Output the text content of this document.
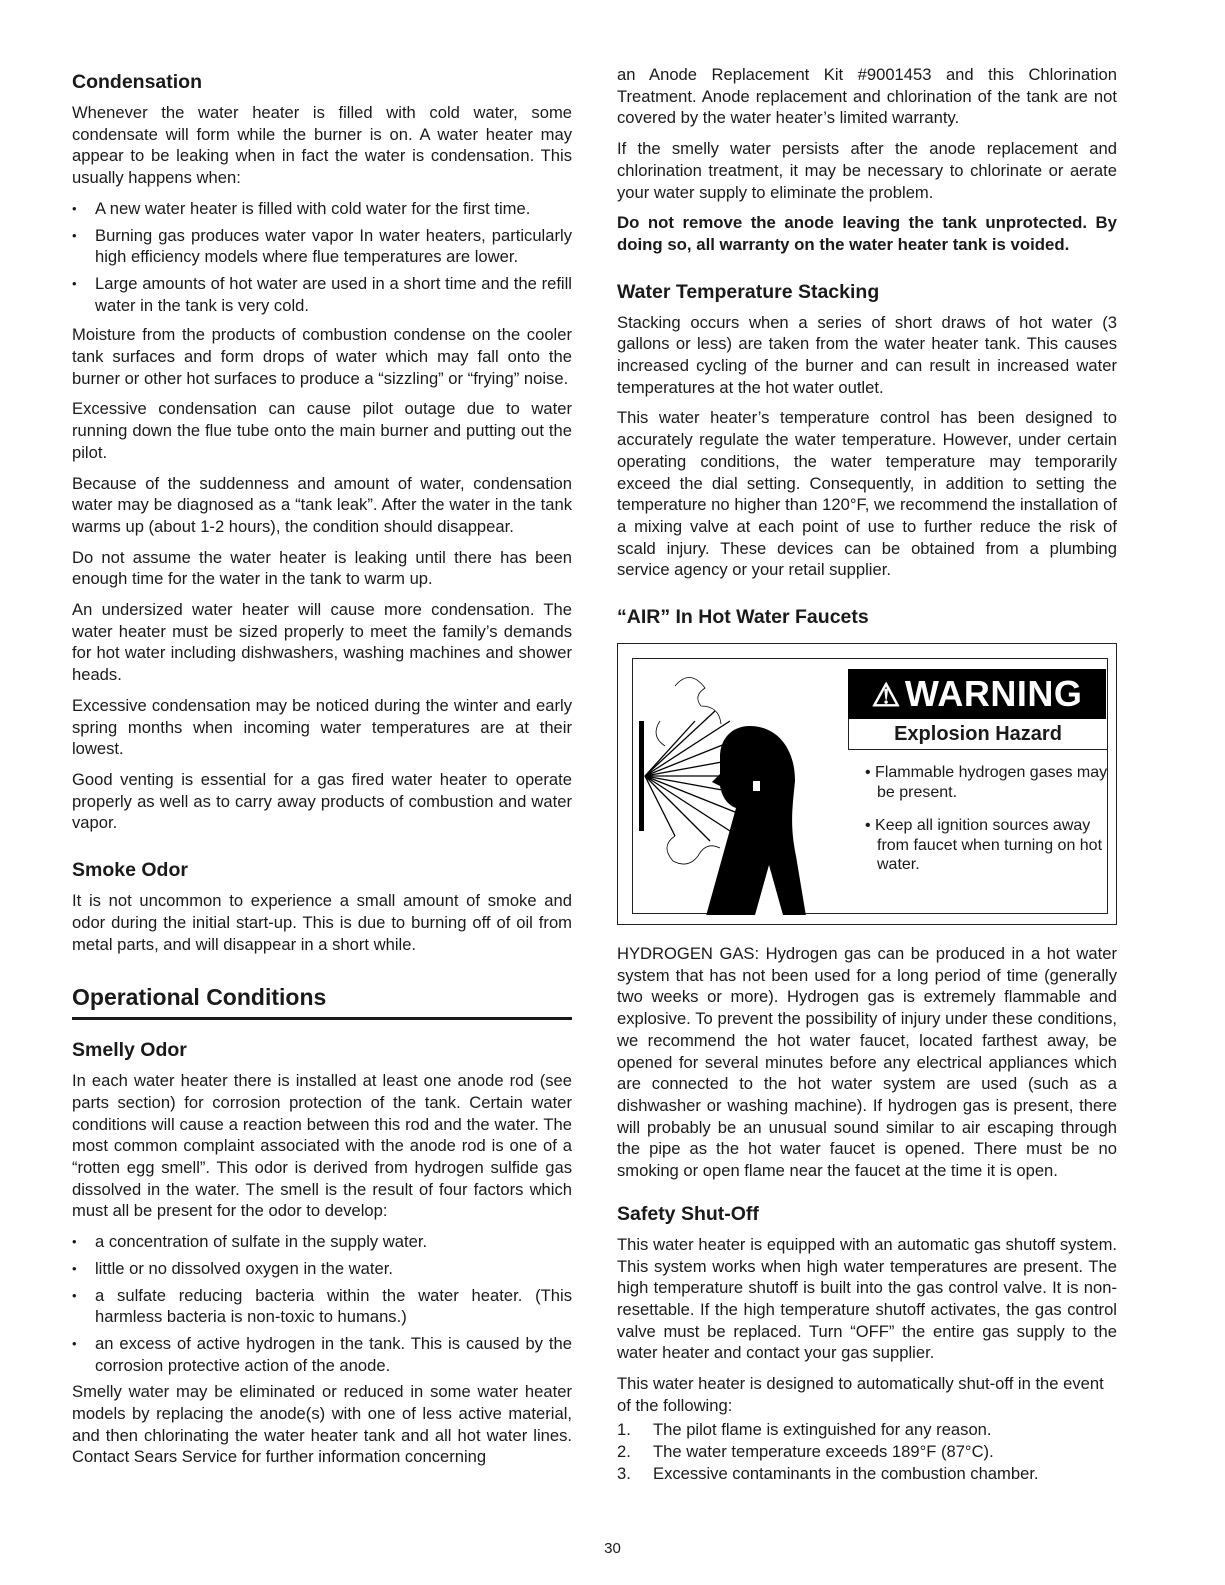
Condensation
Whenever the water heater is filled with cold water, some condensate will form while the burner is on. A water heater may appear to be leaking when in fact the water is condensation. This usually happens when:
• A new water heater is filled with cold water for the first time.
• Burning gas produces water vapor In water heaters, particularly high efficiency models where flue temperatures are lower.
• Large amounts of hot water are used in a short time and the refill water in the tank is very cold.
Moisture from the products of combustion condense on the cooler tank surfaces and form drops of water which may fall onto the burner or other hot surfaces to produce a “sizzling” or “frying” noise.
Excessive condensation can cause pilot outage due to water running down the flue tube onto the main burner and putting out the pilot.
Because of the suddenness and amount of water, condensation water may be diagnosed as a “tank leak”. After the water in the tank warms up (about 1-2 hours), the condition should disappear.
Do not assume the water heater is leaking until there has been enough time for the water in the tank to warm up.
An undersized water heater will cause more condensation. The water heater must be sized properly to meet the family’s demands for hot water including dishwashers, washing machines and shower heads.
Excessive condensation may be noticed during the winter and early spring months when incoming water temperatures are at their lowest.
Good venting is essential for a gas fired water heater to operate properly as well as to carry away products of combustion and water vapor.
Smoke Odor
It is not uncommon to experience a small amount of smoke and odor during the initial start-up. This is due to burning off of oil from metal parts, and will disappear in a short while.
Operational Conditions
Smelly Odor
In each water heater there is installed at least one anode rod (see parts section) for corrosion protection of the tank. Certain water conditions will cause a reaction between this rod and the water. The most common complaint associated with the anode rod is one of a “rotten egg smell”. This odor is derived from hydrogen sulfide gas dissolved in the water. The smell is the result of four factors which must all be present for the odor to develop:
• a concentration of sulfate in the supply water.
• little or no dissolved oxygen in the water.
• a sulfate reducing bacteria within the water heater. (This harmless bacteria is non-toxic to humans.)
• an excess of active hydrogen in the tank. This is caused by the corrosion protective action of the anode.
Smelly water may be eliminated or reduced in some water heater models by replacing the anode(s) with one of less active material, and then chlorinating the water heater tank and all hot water lines. Contact Sears Service for further information concerning
an Anode Replacement Kit #9001453 and this Chlorination Treatment. Anode replacement and chlorination of the tank are not covered by the water heater’s limited warranty.
If the smelly water persists after the anode replacement and chlorination treatment, it may be necessary to chlorinate or aerate your water supply to eliminate the problem.
Do not remove the anode leaving the tank unprotected. By doing so, all warranty on the water heater tank is voided.
Water Temperature Stacking
Stacking occurs when a series of short draws of hot water (3 gallons or less) are taken from the water heater tank. This causes increased cycling of the burner and can result in increased water temperatures at the hot water outlet.
This water heater’s temperature control has been designed to accurately regulate the water temperature. However, under certain operating conditions, the water temperature may temporarily exceed the dial setting. Consequently, in addition to setting the temperature no higher than 120°F, we recommend the installation of a mixing valve at each point of use to further reduce the risk of scald injury. These devices can be obtained from a plumbing service agency or your retail supplier.
“AIR” In Hot Water Faucets
⚠ WARNING
Explosion Hazard
• Flammable hydrogen gases may be present.
• Keep all ignition sources away from faucet when turning on hot water.
HYDROGEN GAS: Hydrogen gas can be produced in a hot water system that has not been used for a long period of time (generally two weeks or more). Hydrogen gas is extremely flammable and explosive. To prevent the possibility of injury under these conditions, we recommend the hot water faucet, located farthest away, be opened for several minutes before any electrical appliances which are connected to the hot water system are used (such as a dishwasher or washing machine). If hydrogen gas is present, there will probably be an unusual sound similar to air escaping through the pipe as the hot water faucet is opened. There must be no smoking or open flame near the faucet at the time it is open.
Safety Shut-Off
This water heater is equipped with an automatic gas shutoff system. This system works when high water temperatures are present. The high temperature shutoff is built into the gas control valve. It is non-resettable. If the high temperature shutoff activates, the gas control valve must be replaced. Turn “OFF” the entire gas supply to the water heater and contact your gas supplier.
This water heater is designed to automatically shut-off in the event of the following:
1. The pilot flame is extinguished for any reason.
2. The water temperature exceeds 189°F (87°C).
3. Excessive contaminants in the combustion chamber.
30
